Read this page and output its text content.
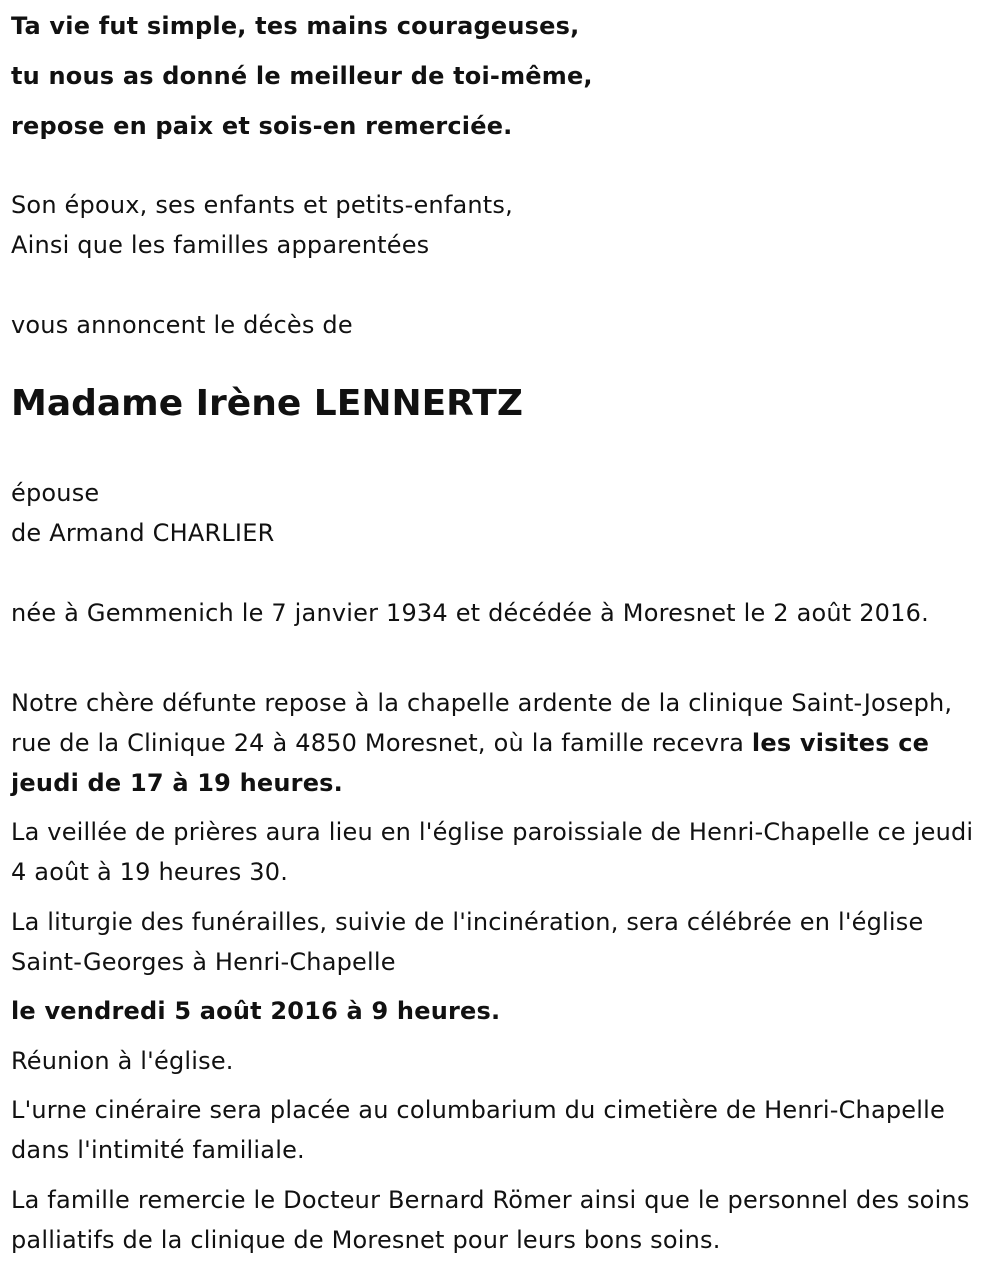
Ta vie fut simple, tes mains courageuses,
tu nous as donné le meilleur de toi-même,
repose en paix et sois-en remerciée.
Son époux, ses enfants et petits-enfants,
Ainsi que les familles apparentées
vous annoncent le décès de
Madame Irène LENNERTZ
épouse
de Armand CHARLIER
née à Gemmenich le 7 janvier 1934 et décédée à Moresnet le 2 août 2016.
Notre chère défunte repose à la chapelle ardente de la clinique Saint-Joseph, rue de la Clinique 24 à 4850 Moresnet, où la famille recevra les visites ce jeudi de 17 à 19 heures.
La veillée de prières aura lieu en l'église paroissiale de Henri-Chapelle ce jeudi 4 août à 19 heures 30.
La liturgie des funérailles, suivie de l'incinération, sera célébrée en l'église Saint-Georges à Henri-Chapelle
le vendredi 5 août 2016 à 9 heures.
Réunion à l'église.
L'urne cinéraire sera placée au columbarium du cimetière de Henri-Chapelle dans l'intimité familiale.
La famille remercie le Docteur Bernard Römer ainsi que le personnel des soins palliatifs de la clinique de Moresnet pour leurs bons soins.
